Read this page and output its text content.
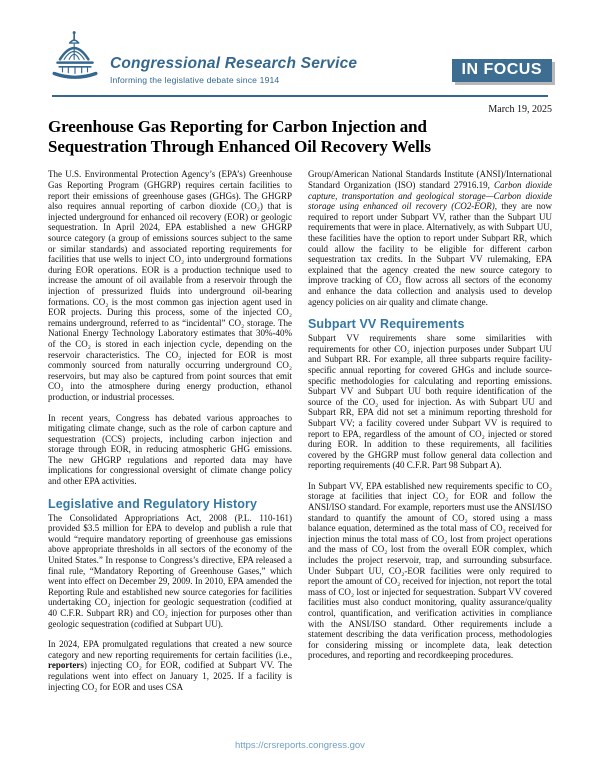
Congressional Research Service
Informing the legislative debate since 1914
IN FOCUS
March 19, 2025
Greenhouse Gas Reporting for Carbon Injection and
Sequestration Through Enhanced Oil Recovery Wells

The U.S. Environmental Protection Agency’s (EPA’s) Greenhouse Gas Reporting Program (GHGRP) requires certain facilities to report their emissions of greenhouse gases (GHGs). The GHGRP also requires annual reporting of carbon dioxide (CO₂) that is injected underground for enhanced oil recovery (EOR) or geologic sequestration. In April 2024, EPA established a new GHGRP source category (a group of emissions sources subject to the same or similar standards) and associated reporting requirements for facilities that use wells to inject CO₂ into underground formations during EOR operations. EOR is a production technique used to increase the amount of oil available from a reservoir through the injection of pressurized fluids into underground oil-bearing formations. CO₂ is the most common gas injection agent used in EOR projects. During this process, some of the injected CO₂ remains underground, referred to as “incidental” CO₂ storage. The National Energy Technology Laboratory estimates that 30%-40% of the CO₂ is stored in each injection cycle, depending on the reservoir characteristics. The CO₂ injected for EOR is most commonly sourced from naturally occurring underground CO₂ reservoirs, but may also be captured from point sources that emit CO₂ into the atmosphere during energy production, ethanol production, or industrial processes.

In recent years, Congress has debated various approaches to mitigating climate change, such as the role of carbon capture and sequestration (CCS) projects, including carbon injection and storage through EOR, in reducing atmospheric GHG emissions. The new GHGRP regulations and reported data may have implications for congressional oversight of climate change policy and other EPA activities.

Legislative and Regulatory History

The Consolidated Appropriations Act, 2008 (P.L. 110-161) provided $3.5 million for EPA to develop and publish a rule that would “require mandatory reporting of greenhouse gas emissions above appropriate thresholds in all sectors of the economy of the United States.” In response to Congress’s directive, EPA released a final rule, “Mandatory Reporting of Greenhouse Gases,” which went into effect on December 29, 2009. In 2010, EPA amended the Reporting Rule and established new source categories for facilities undertaking CO₂ injection for geologic sequestration (codified at 40 C.F.R. Subpart RR) and CO₂ injection for purposes other than geologic sequestration (codified at Subpart UU).

In 2024, EPA promulgated regulations that created a new source category and new reporting requirements for certain facilities (i.e., reporters) injecting CO₂ for EOR, codified at Subpart VV. The regulations went into effect on January 1, 2025. If a facility is injecting CO₂ for EOR and uses CSA

Group/American National Standards Institute (ANSI)/International Standard Organization (ISO) standard 27916.19, Carbon dioxide capture, transportation and geological storage—Carbon dioxide storage using enhanced oil recovery (CO2-EOR), they are now required to report under Subpart VV, rather than the Subpart UU requirements that were in place. Alternatively, as with Subpart UU, these facilities have the option to report under Subpart RR, which could allow the facility to be eligible for different carbon sequestration tax credits. In the Subpart VV rulemaking, EPA explained that the agency created the new source category to improve tracking of CO₂ flow across all sectors of the economy and enhance the data collection and analysis used to develop agency policies on air quality and climate change.

Subpart VV Requirements

Subpart VV requirements share some similarities with requirements for other CO₂ injection purposes under Subpart UU and Subpart RR. For example, all three subparts require facility-specific annual reporting for covered GHGs and include source-specific methodologies for calculating and reporting emissions. Subpart VV and Subpart UU both require identification of the source of the CO₂ used for injection. As with Subpart UU and Subpart RR, EPA did not set a minimum reporting threshold for Subpart VV; a facility covered under Subpart VV is required to report to EPA, regardless of the amount of CO₂ injected or stored during EOR. In addition to these requirements, all facilities covered by the GHGRP must follow general data collection and reporting requirements (40 C.F.R. Part 98 Subpart A).

In Subpart VV, EPA established new requirements specific to CO₂ storage at facilities that inject CO₂ for EOR and follow the ANSI/ISO standard. For example, reporters must use the ANSI/ISO standard to quantify the amount of CO₂ stored using a mass balance equation, determined as the total mass of CO₂ received for injection minus the total mass of CO₂ lost from project operations and the mass of CO₂ lost from the overall EOR complex, which includes the project reservoir, trap, and surrounding subsurface. Under Subpart UU, CO₂-EOR facilities were only required to report the amount of CO₂ received for injection, not report the total mass of CO₂ lost or injected for sequestration. Subpart VV covered facilities must also conduct monitoring, quality assurance/quality control, quantification, and verification activities in compliance with the ANSI/ISO standard. Other requirements include a statement describing the data verification process, methodologies for considering missing or incomplete data, leak detection procedures, and reporting and recordkeeping procedures.

https://crsreports.congress.gov
